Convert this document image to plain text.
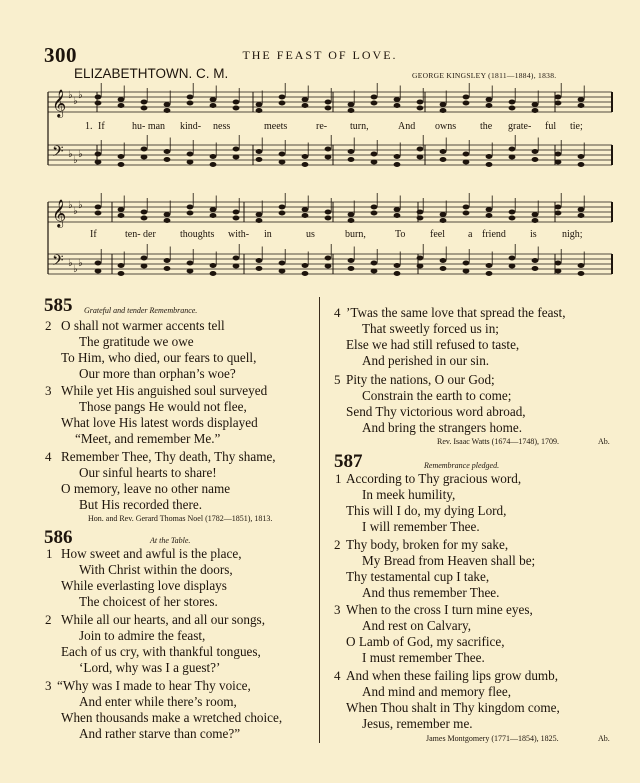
300	THE FEAST OF LOVE.
ELIZABETHTOWN. C. M.	GEORGE KINGSLEY (1811—1884), 1838.
𝄞
𝄢
♭
♭
♭
♭
♭
♭
𝄞
𝄢
♭
♭
♭
♭
♭
♭
1. If	hu- man kind- ness	meets	re- turn,	And owns the grate- ful tie;
If	ten- der thoughts with- in	us	burn,	To feel a friend is	nigh;
585 Grateful and tender Remembrance.
2 O shall not warmer accents tell
The gratitude we owe
To Him, who died, our fears to quell,
Our more than orphan’s woe?
3 While yet His anguished soul surveyed
Those pangs He would not flee,
What love His latest words displayed
“Meet, and remember Me.”
4 Remember Thee, Thy death, Thy shame,
Our sinful hearts to share!
O memory, leave no other name
But His recorded there.
Hon. and Rev. Gerard Thomas Noel (1782—1851), 1813.
586	At the Table.
1 How sweet and awful is the place,
With Christ within the doors,
While everlasting love displays
The choicest of her stores.
2 While all our hearts, and all our songs,
Join to admire the feast,
Each of us cry, with thankful tongues,
‘Lord, why was I a guest?’
3 “Why was I made to hear Thy voice,
And enter while there’s room,
When thousands make a wretched choice,
And rather starve than come?”
4 ’Twas the same love that spread the feast,
That sweetly forced us in;
Else we had still refused to taste,
And perished in our sin.
5 Pity the nations, O our God;
Constrain the earth to come;
Send Thy victorious word abroad,
And bring the strangers home.
Rev. Isaac Watts (1674—1748), 1709.	Ab.
587	Remembrance pledged.
1 According to Thy gracious word,
In meek humility,
This will I do, my dying Lord,
I will remember Thee.
2 Thy body, broken for my sake,
My Bread from Heaven shall be;
Thy testamental cup I take,
And thus remember Thee.
3 When to the cross I turn mine eyes,
And rest on Calvary,
O Lamb of God, my sacrifice,
I must remember Thee.
4 And when these failing lips grow dumb,
And mind and memory flee,
When Thou shalt in Thy kingdom come,
Jesus, remember me.
James Montgomery (1771—1854), 1825.	Ab.
